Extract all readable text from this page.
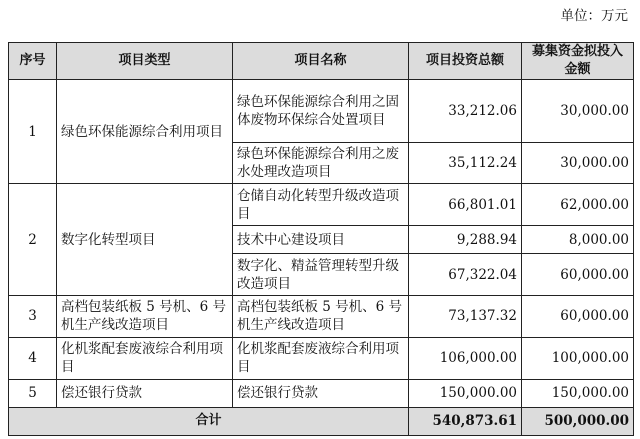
单位：万元
序号	项目类型	项目名称	项目投资总额	募集资金拟投入金额
1	绿色环保能源综合利用项目	绿色环保能源综合利用之固体废物环保综合处置项目	33,212.06	30,000.00
		绿色环保能源综合利用之废水处理改造项目	35,112.24	30,000.00
2	数字化转型项目	仓储自动化转型升级改造项目	66,801.01	62,000.00
		技术中心建设项目	9,288.94	8,000.00
		数字化、精益管理转型升级改造项目	67,322.04	60,000.00
3	高档包装纸板 5 号机、6 号机生产线改造项目	高档包装纸板 5 号机、6 号机生产线改造项目	73,137.32	60,000.00
4	化机浆配套废液综合利用项目	化机浆配套废液综合利用项目	106,000.00	100,000.00
5	偿还银行贷款	偿还银行贷款	150,000.00	150,000.00
合计			540,873.61	500,000.00
